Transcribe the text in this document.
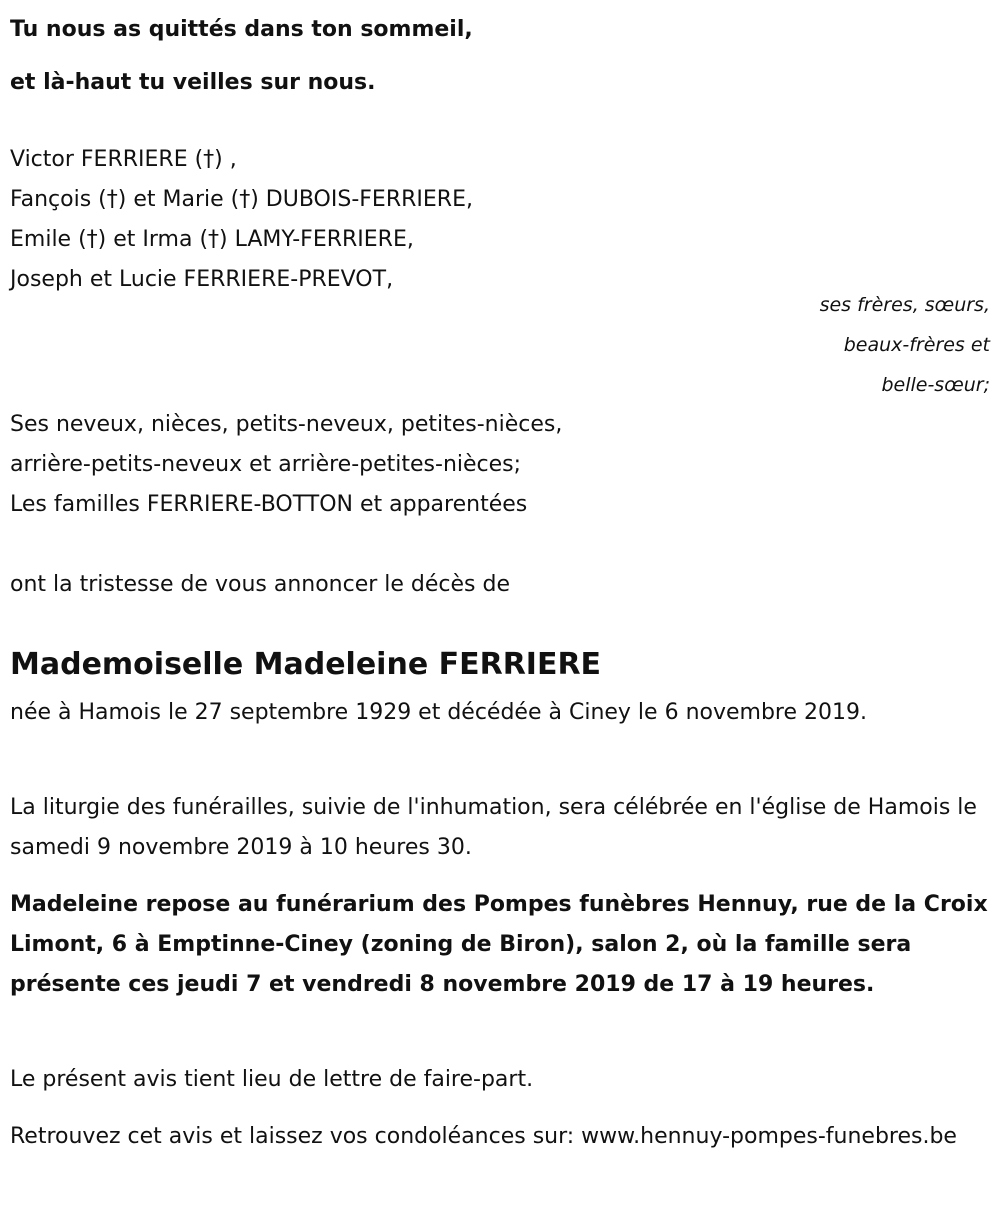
Tu nous as quittés dans ton sommeil,
et là-haut tu veilles sur nous.
Victor FERRIERE (†) ,
Fançois (†) et Marie (†) DUBOIS-FERRIERE,
Emile (†) et Irma (†) LAMY-FERRIERE,
Joseph et Lucie FERRIERE-PREVOT,
ses frères, sœurs,
beaux-frères et
belle-sœur;
Ses neveux, nièces, petits-neveux, petites-nièces,
arrière-petits-neveux et arrière-petites-nièces;
Les familles FERRIERE-BOTTON et apparentées
ont la tristesse de vous annoncer le décès de
Mademoiselle Madeleine FERRIERE
née à Hamois le 27 septembre 1929 et décédée à Ciney le 6 novembre 2019.
La liturgie des funérailles, suivie de l'inhumation, sera célébrée en l'église de Hamois le samedi 9 novembre 2019 à 10 heures 30.
Madeleine repose au funérarium des Pompes funèbres Hennuy, rue de la Croix Limont, 6 à Emptinne-Ciney (zoning de Biron), salon 2, où la famille sera présente ces jeudi 7 et vendredi 8 novembre 2019 de 17 à 19 heures.
Le présent avis tient lieu de lettre de faire-part.
Retrouvez cet avis et laissez vos condoléances sur: www.hennuy-pompes-funebres.be
